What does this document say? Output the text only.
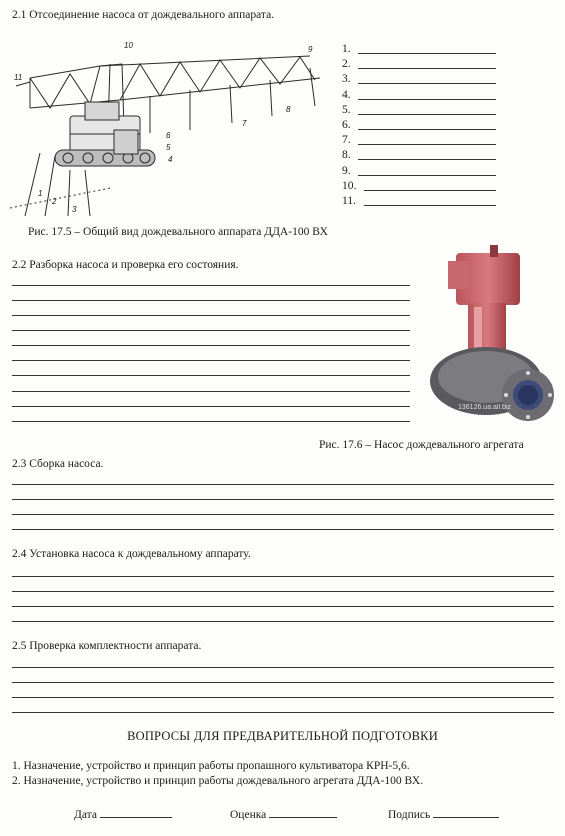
2.1 Отсоединение насоса от дождевального аппарата.
1
2
3
4
5
6
7
8
9
10
11
1.
2.
3.
4.
5.
6.
7.
8.
9.
10.
11.
Рис. 17.5 – Общий вид дождевального аппарата ДДА-100 ВХ
2.2 Разборка насоса и проверка его состояния.
136126.ua.all.biz
Рис. 17.6 – Насос дождевального агрегата
2.3 Сборка насоса.
2.4 Установка насоса к дождевальному аппарату.
2.5 Проверка комплектности аппарата.
ВОПРОСЫ ДЛЯ ПРЕДВАРИТЕЛЬНОЙ ПОДГОТОВКИ
1. Назначение, устройство и принцип работы пропашного культиватора КРН-5,6.
2. Назначение, устройство и принцип работы дождевального агрегата ДДА-100 ВХ.
Дата	Оценка	Подпись
